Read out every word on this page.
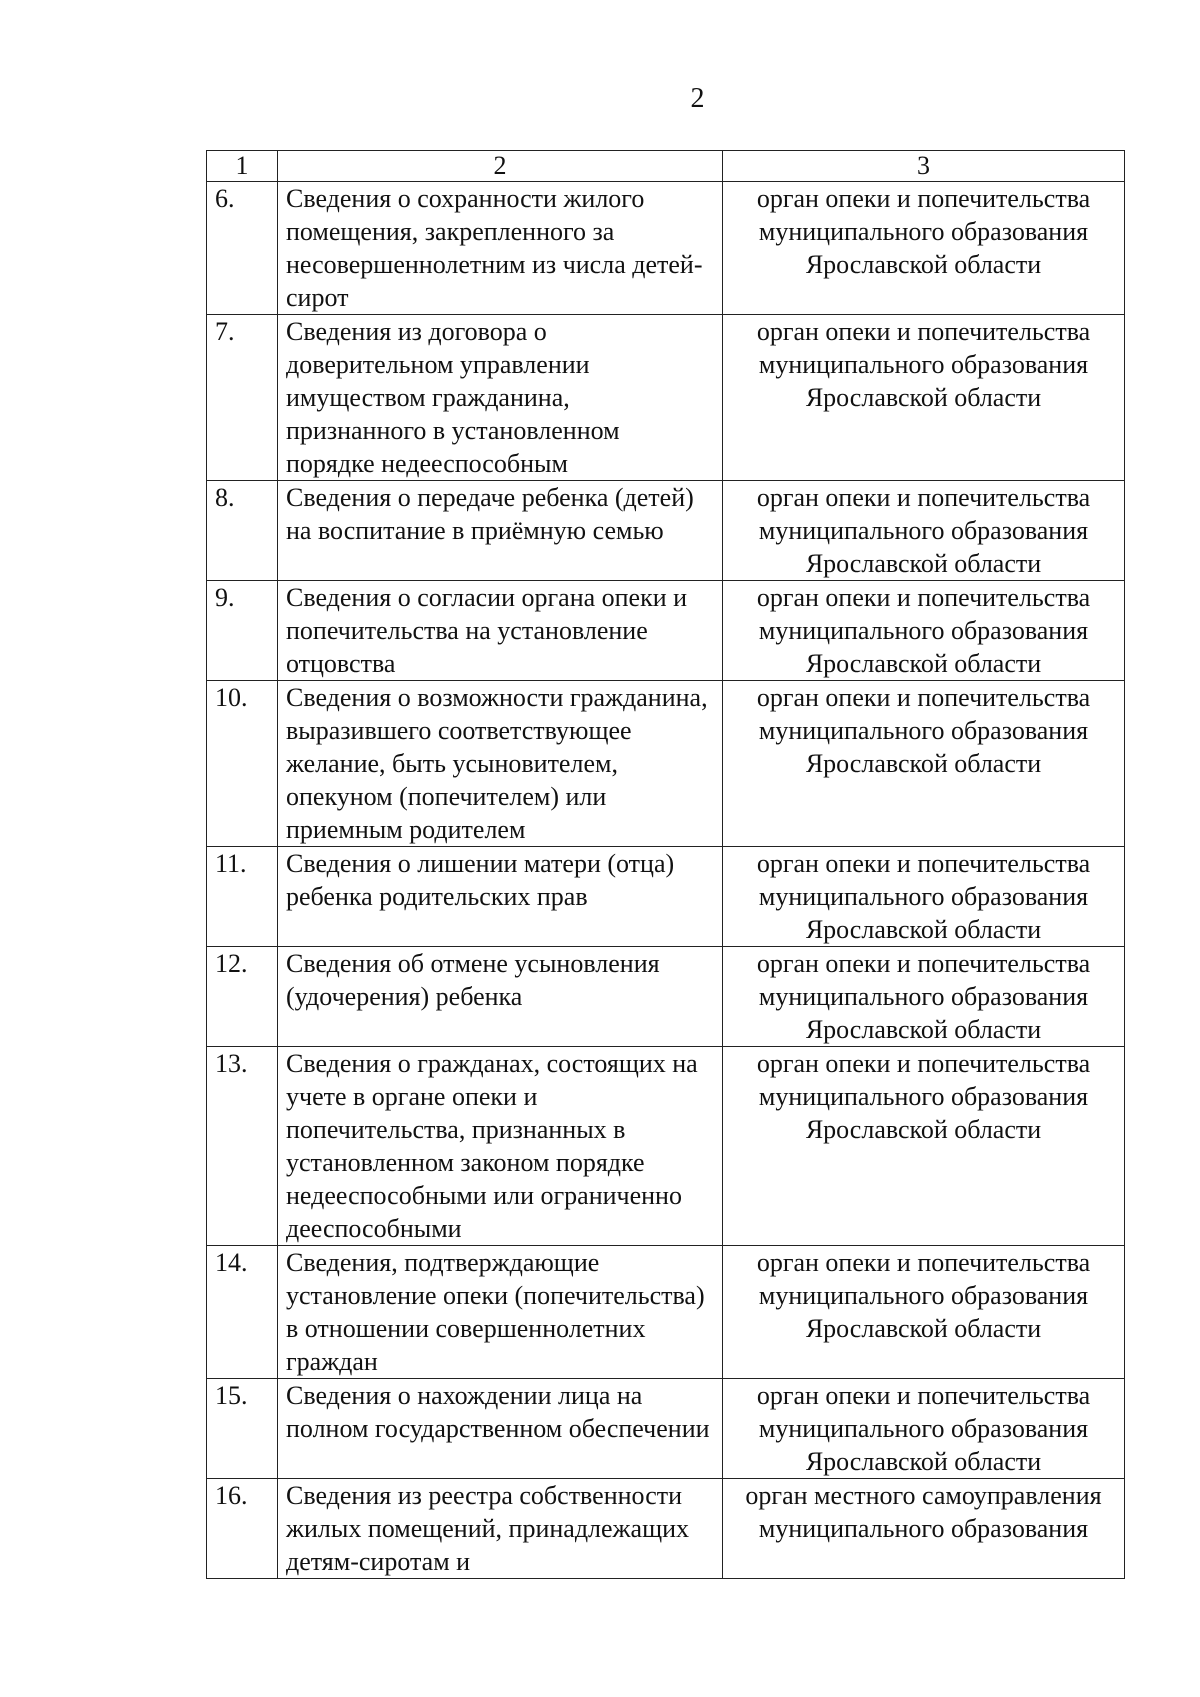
2
1	2	3
6.	Сведения о сохранности жилого помещения, закрепленного за несовершеннолетним из числа детей-сирот	орган опеки и попечительства муниципального образования Ярославской области
7.	Сведения из договора о доверительном управлении имуществом гражданина, признанного в установленном порядке недееспособным	орган опеки и попечительства муниципального образования Ярославской области
8.	Сведения о передаче ребенка (детей) на воспитание в приёмную семью	орган опеки и попечительства муниципального образования Ярославской области
9.	Сведения о согласии органа опеки и попечительства на установление отцовства	орган опеки и попечительства муниципального образования Ярославской области
10.	Сведения о возможности гражданина, выразившего соответствующее желание, быть усыновителем, опекуном (попечителем) или приемным родителем	орган опеки и попечительства муниципального образования Ярославской области
11.	Сведения о лишении матери (отца) ребенка родительских прав	орган опеки и попечительства муниципального образования Ярославской области
12.	Сведения об отмене усыновления (удочерения) ребенка	орган опеки и попечительства муниципального образования Ярославской области
13.	Сведения о гражданах, состоящих на учете в органе опеки и попечительства, признанных в установленном законом порядке недееспособными или ограниченно дееспособными	орган опеки и попечительства муниципального образования Ярославской области
14.	Сведения, подтверждающие установление опеки (попечительства) в отношении совершеннолетних граждан	орган опеки и попечительства муниципального образования Ярославской области
15.	Сведения о нахождении лица на полном государственном обеспечении	орган опеки и попечительства муниципального образования Ярославской области
16.	Сведения из реестра собственности жилых помещений, принадлежащих детям-сиротам и	орган местного самоуправления муниципального образования
